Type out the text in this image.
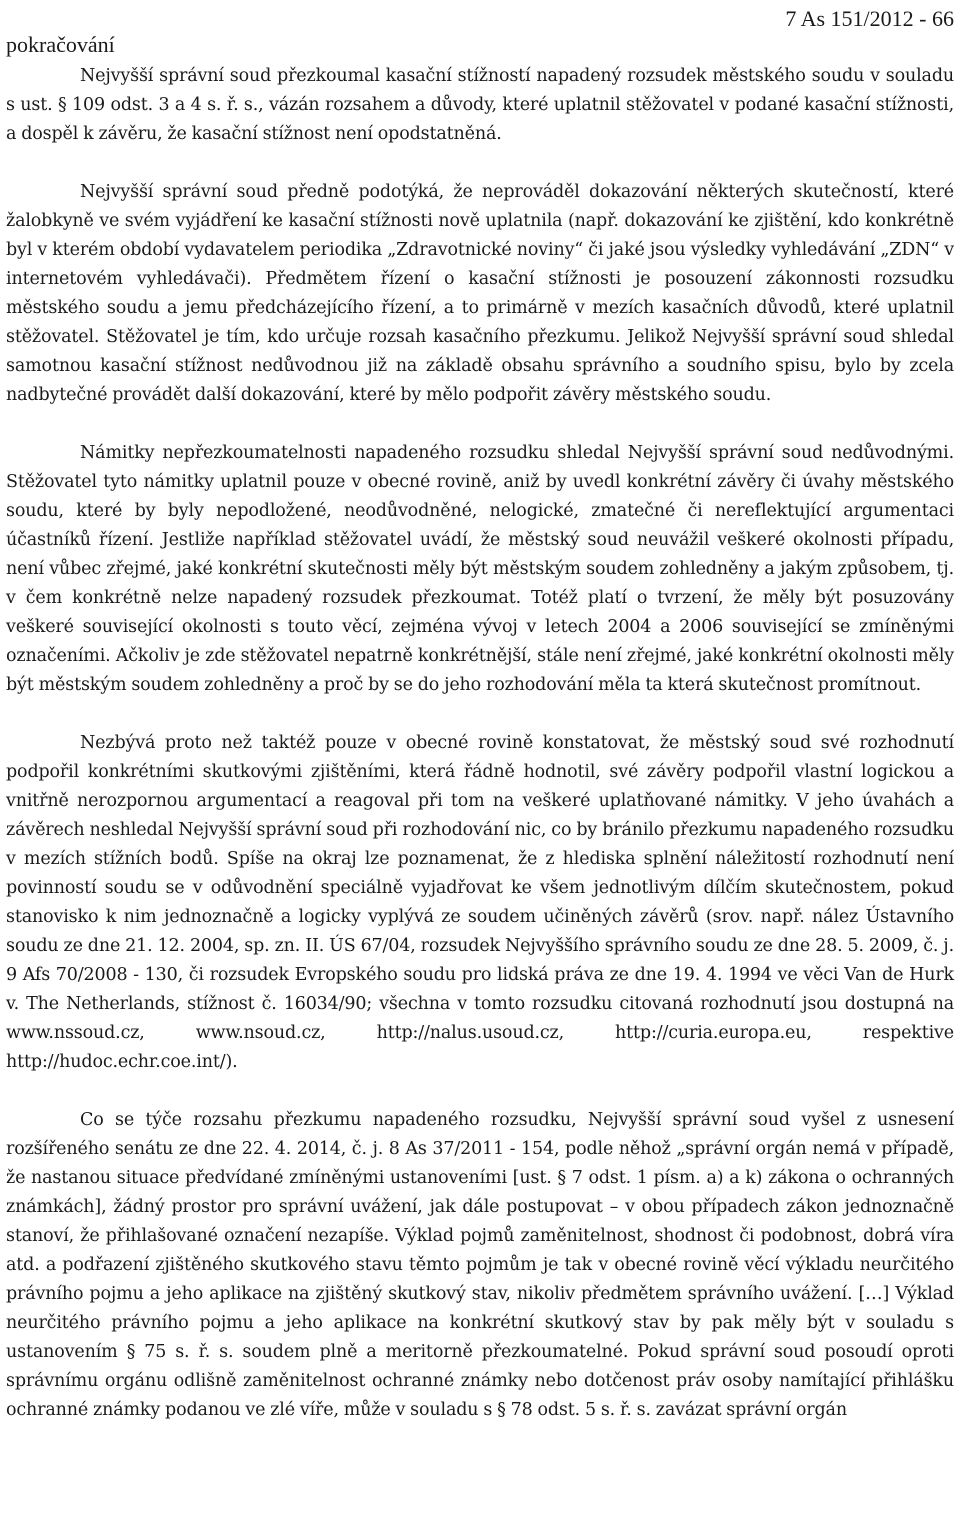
pokračování
7 As 151/2012 - 66

Nejvyšší správní soud přezkoumal kasační stížností napadený rozsudek městského soudu v souladu s ust. § 109 odst. 3 a 4 s. ř. s., vázán rozsahem a důvody, které uplatnil stěžovatel v podané kasační stížnosti, a dospěl k závěru, že kasační stížnost není opodstatněná.

Nejvyšší správní soud předně podotýká, že neprováděl dokazování některých skutečností, které žalobkyně ve svém vyjádření ke kasační stížnosti nově uplatnila (např. dokazování ke zjištění, kdo konkrétně byl v kterém období vydavatelem periodika „Zdravotnické noviny“ či jaké jsou výsledky vyhledávání „ZDN“ v internetovém vyhledávači). Předmětem řízení o kasační stížnosti je posouzení zákonnosti rozsudku městského soudu a jemu předcházejícího řízení, a to primárně v mezích kasačních důvodů, které uplatnil stěžovatel. Stěžovatel je tím, kdo určuje rozsah kasačního přezkumu. Jelikož Nejvyšší správní soud shledal samotnou kasační stížnost nedůvodnou již na základě obsahu správního a soudního spisu, bylo by zcela nadbytečné provádět další dokazování, které by mělo podpořit závěry městského soudu.

Námitky nepřezkoumatelnosti napadeného rozsudku shledal Nejvyšší správní soud nedůvodnými. Stěžovatel tyto námitky uplatnil pouze v obecné rovině, aniž by uvedl konkrétní závěry či úvahy městského soudu, které by byly nepodložené, neodůvodněné, nelogické, zmatečné či nereflektující argumentaci účastníků řízení. Jestliže například stěžovatel uvádí, že městský soud neuvážil veškeré okolnosti případu, není vůbec zřejmé, jaké konkrétní skutečnosti měly být městským soudem zohledněny a jakým způsobem, tj. v čem konkrétně nelze napadený rozsudek přezkoumat. Totéž platí o tvrzení, že měly být posuzovány veškeré související okolnosti s touto věcí, zejména vývoj v letech 2004 a 2006 související se zmíněnými označeními. Ačkoliv je zde stěžovatel nepatrně konkrétnější, stále není zřejmé, jaké konkrétní okolnosti měly být městským soudem zohledněny a proč by se do jeho rozhodování měla ta která skutečnost promítnout.

Nezbývá proto než taktéž pouze v obecné rovině konstatovat, že městský soud své rozhodnutí podpořil konkrétními skutkovými zjištěními, která řádně hodnotil, své závěry podpořil vlastní logickou a vnitřně nerozpornou argumentací a reagoval při tom na veškeré uplatňované námitky. V jeho úvahách a závěrech neshledal Nejvyšší správní soud při rozhodování nic, co by bránilo přezkumu napadeného rozsudku v mezích stížních bodů. Spíše na okraj lze poznamenat, že z hlediska splnění náležitostí rozhodnutí není povinností soudu se v odůvodnění speciálně vyjadřovat ke všem jednotlivým dílčím skutečnostem, pokud stanovisko k nim jednoznačně a logicky vyplývá ze soudem učiněných závěrů (srov. např. nález Ústavního soudu ze dne 21. 12. 2004, sp. zn. II. ÚS 67/04, rozsudek Nejvyššího správního soudu ze dne 28. 5. 2009, č. j. 9 Afs 70/2008 - 130, či rozsudek Evropského soudu pro lidská práva ze dne 19. 4. 1994 ve věci Van de Hurk v. The Netherlands, stížnost č. 16034/90; všechna v tomto rozsudku citovaná rozhodnutí jsou dostupná na www.nssoud.cz, www.nsoud.cz, http://nalus.usoud.cz, http://curia.europa.eu, respektive http://hudoc.echr.coe.int/).

Co se týče rozsahu přezkumu napadeného rozsudku, Nejvyšší správní soud vyšel z usnesení rozšířeného senátu ze dne 22. 4. 2014, č. j. 8 As 37/2011 - 154, podle něhož „správní orgán nemá v případě, že nastanou situace předvídané zmíněnými ustanoveními [ust. § 7 odst. 1 písm. a) a k) zákona o ochranných známkách], žádný prostor pro správní uvážení, jak dále postupovat – v obou případech zákon jednoznačně stanoví, že přihlašované označení nezapíše. Výklad pojmů zaměnitelnost, shodnost či podobnost, dobrá víra atd. a podřazení zjištěného skutkového stavu těmto pojmům je tak v obecné rovině věcí výkladu neurčitého právního pojmu a jeho aplikace na zjištěný skutkový stav, nikoliv předmětem správního uvážení. […] Výklad neurčitého právního pojmu a jeho aplikace na konkrétní skutkový stav by pak měly být v souladu s ustanovením § 75 s. ř. s. soudem plně a meritorně přezkoumatelné. Pokud správní soud posoudí oproti správnímu orgánu odlišně zaměnitelnost ochranné známky nebo dotčenost práv osoby namítající přihlášku ochranné známky podanou ve zlé víře, může v souladu s § 78 odst. 5 s. ř. s. zavázat správní orgán
